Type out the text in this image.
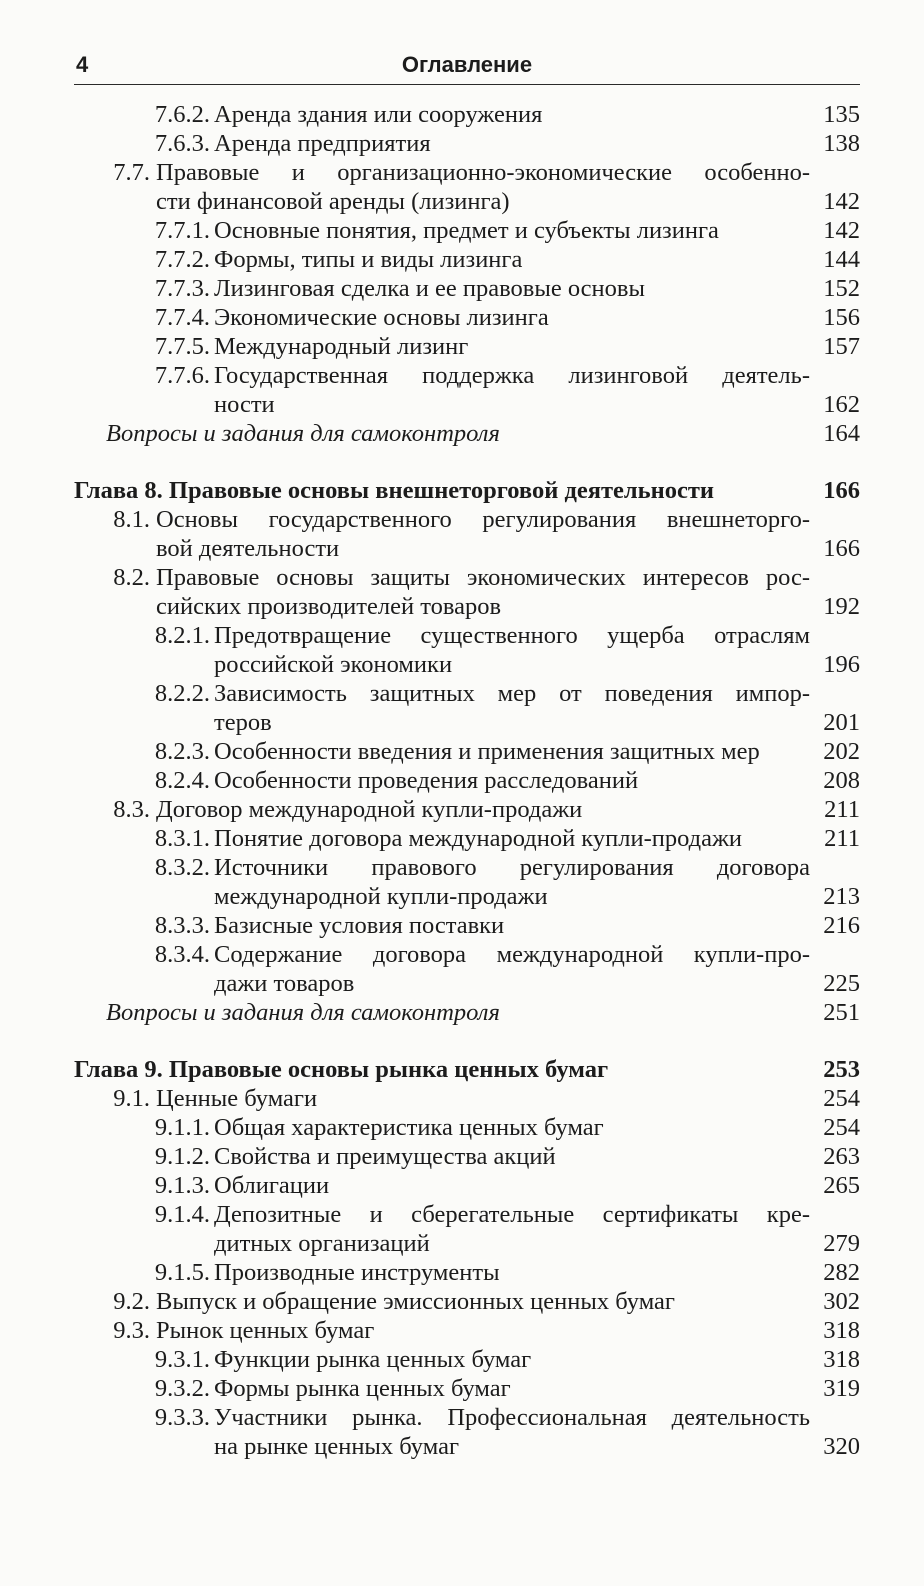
4	Оглавление
7.6.2. Аренда здания или сооружения	135
7.6.3. Аренда предприятия	138
7.7. Правовые и организационно-экономические особенно-
сти финансовой аренды (лизинга)	142
7.7.1. Основные понятия, предмет и субъекты лизинга	142
7.7.2. Формы, типы и виды лизинга	144
7.7.3. Лизинговая сделка и ее правовые основы	152
7.7.4. Экономические основы лизинга	156
7.7.5. Международный лизинг	157
7.7.6. Государственная поддержка лизинговой деятель-
ности	162
Вопросы и задания для самоконтроля	164
Глава 8. Правовые основы внешнеторговой деятельности	166
8.1. Основы государственного регулирования внешнеторго-
вой деятельности	166
8.2. Правовые основы защиты экономических интересов рос-
сийских производителей товаров	192
8.2.1. Предотвращение существенного ущерба отраслям
российской экономики	196
8.2.2. Зависимость защитных мер от поведения импор-
теров	201
8.2.3. Особенности введения и применения защитных мер	202
8.2.4. Особенности проведения расследований	208
8.3. Договор международной купли-продажи	211
8.3.1. Понятие договора международной купли-продажи	211
8.3.2. Источники правового регулирования договора
международной купли-продажи	213
8.3.3. Базисные условия поставки	216
8.3.4. Содержание договора международной купли-про-
дажи товаров	225
Вопросы и задания для самоконтроля	251
Глава 9. Правовые основы рынка ценных бумаг	253
9.1. Ценные бумаги	254
9.1.1. Общая характеристика ценных бумаг	254
9.1.2. Свойства и преимущества акций	263
9.1.3. Облигации	265
9.1.4. Депозитные и сберегательные сертификаты кре-
дитных организаций	279
9.1.5. Производные инструменты	282
9.2. Выпуск и обращение эмиссионных ценных бумаг	302
9.3. Рынок ценных бумаг	318
9.3.1. Функции рынка ценных бумаг	318
9.3.2. Формы рынка ценных бумаг	319
9.3.3. Участники рынка. Профессиональная деятельность
на рынке ценных бумаг	320
